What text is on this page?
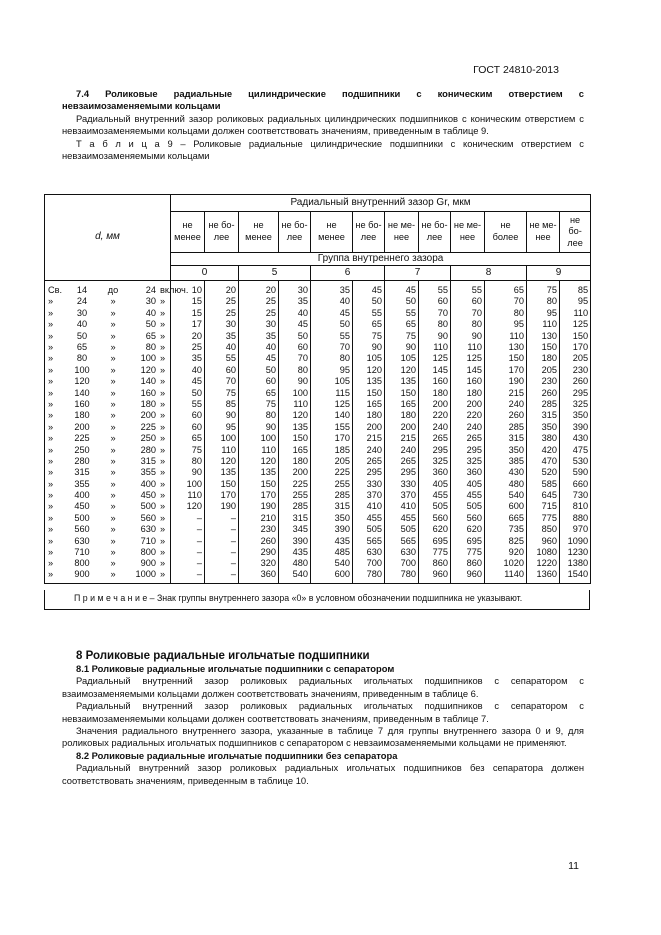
ГОСТ 24810-2013

7.4 Роликовые радиальные цилиндрические подшипники с коническим отверстием с невзаимозаменяемыми кольцами

Радиальный внутренний зазор роликовых радиальных цилиндрических подшипников с коническим отверстием с невзаимозаменяемыми кольцами должен соответствовать значениям, приведенным в таблице 9.

Т а б л и ц а 9 – Роликовые радиальные цилиндрические подшипники с коническим отверстием с невзаимозаменяемыми кольцами

d, мм	Радиальный внутренний зазор Gr, мкм											
	не менее	не бо-лее	не менее	не бо-лее	не менее	не бо-лее	не ме-нее	не бо-лее	не ме-нее	не более	не ме-нее	не бо-лее
	Группа внутреннего зазора											
	0		5		6		7		8		9	

Св. 14 до 24 включ.	10	20	20	30	35	45	45	55	55	65	75	85
» 24 » 30 »	15	25	25	35	40	50	50	60	60	70	80	95
» 30 » 40 »	15	25	25	40	45	55	55	70	70	80	95	110
» 40 » 50 »	17	30	30	45	50	65	65	80	80	95	110	125
» 50 » 65 »	20	35	35	50	55	75	75	90	90	110	130	150
» 65 » 80 »	25	40	40	60	70	90	90	110	110	130	150	170
» 80 » 100 »	35	55	45	70	80	105	105	125	125	150	180	205
» 100 » 120 »	40	60	50	80	95	120	120	145	145	170	205	230
» 120 » 140 »	45	70	60	90	105	135	135	160	160	190	230	260
» 140 » 160 »	50	75	65	100	115	150	150	180	180	215	260	295
» 160 » 180 »	55	85	75	110	125	165	165	200	200	240	285	325
» 180 » 200 »	60	90	80	120	140	180	180	220	220	260	315	350
» 200 » 225 »	60	95	90	135	155	200	200	240	240	285	350	390
» 225 » 250 »	65	100	100	150	170	215	215	265	265	315	380	430
» 250 » 280 »	75	110	110	165	185	240	240	295	295	350	420	475
» 280 » 315 »	80	120	120	180	205	265	265	325	325	385	470	530
» 315 » 355 »	90	135	135	200	225	295	295	360	360	430	520	590
» 355 » 400 »	100	150	150	225	255	330	330	405	405	480	585	660
» 400 » 450 »	110	170	170	255	285	370	370	455	455	540	645	730
» 450 » 500 »	120	190	190	285	315	410	410	505	505	600	715	810
» 500 » 560 »	–	–	210	315	350	455	455	560	560	665	775	880
» 560 » 630 »	–	–	230	345	390	505	505	620	620	735	850	970
» 630 » 710 »	–	–	260	390	435	565	565	695	695	825	960	1090
» 710 » 800 »	–	–	290	435	485	630	630	775	775	920	1080	1230
» 800 » 900 »	–	–	320	480	540	700	700	860	860	1020	1220	1380
» 900 » 1000 »	–	–	360	540	600	780	780	960	960	1140	1360	1540

П р и м е ч а н и е – Знак группы внутреннего зазора «0» в условном обозначении подшипника не указывают.

8 Роликовые радиальные игольчатые подшипники

8.1 Роликовые радиальные игольчатые подшипники с сепаратором

Радиальный внутренний зазор роликовых радиальных игольчатых подшипников с сепаратором с взаимозаменяемыми кольцами должен соответствовать значениям, приведенным в таблице 6.

Радиальный внутренний зазор роликовых радиальных игольчатых подшипников с сепаратором с невзаимозаменяемыми кольцами должен соответствовать значениям, приведенным в таблице 7.

Значения радиального внутреннего зазора, указанные в таблице 7 для группы внутреннего зазора 0 и 9, для роликовых радиальных игольчатых подшипников с сепаратором с невзаимозаменяемыми кольцами не применяют.

8.2 Роликовые радиальные игольчатые подшипники без сепаратора

Радиальный внутренний зазор роликовых радиальных игольчатых подшипников без сепаратора должен соответствовать значениям, приведенным в таблице 10.

11
